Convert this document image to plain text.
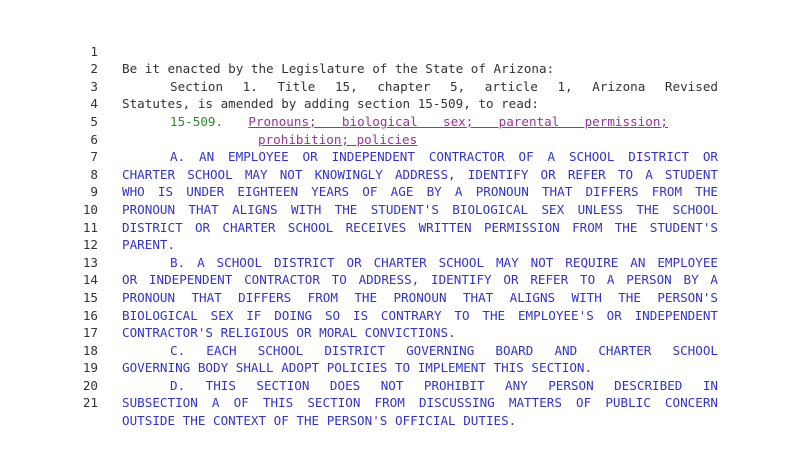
1

Be it enacted by the Legislature of the State of Arizona:

2

Section 1. Title 15, chapter 5, article 1, Arizona Revised

3

Statutes, is amended by adding section 15-509, to read:

4

15-509. Pronouns; biological sex; parental permission;

5

prohibition; policies

6

A. AN EMPLOYEE OR INDEPENDENT CONTRACTOR OF A SCHOOL DISTRICT OR

7

CHARTER SCHOOL MAY NOT KNOWINGLY ADDRESS, IDENTIFY OR REFER TO A STUDENT

8

WHO IS UNDER EIGHTEEN YEARS OF AGE BY A PRONOUN THAT DIFFERS FROM THE

9

PRONOUN THAT ALIGNS WITH THE STUDENT'S BIOLOGICAL SEX UNLESS THE SCHOOL

10

DISTRICT OR CHARTER SCHOOL RECEIVES WRITTEN PERMISSION FROM THE STUDENT'S

11

PARENT.

12

B. A SCHOOL DISTRICT OR CHARTER SCHOOL MAY NOT REQUIRE AN EMPLOYEE

13

OR INDEPENDENT CONTRACTOR TO ADDRESS, IDENTIFY OR REFER TO A PERSON BY A

14

PRONOUN THAT DIFFERS FROM THE PRONOUN THAT ALIGNS WITH THE PERSON'S

15

BIOLOGICAL SEX IF DOING SO IS CONTRARY TO THE EMPLOYEE'S OR INDEPENDENT

16

CONTRACTOR'S RELIGIOUS OR MORAL CONVICTIONS.

17

C. EACH SCHOOL DISTRICT GOVERNING BOARD AND CHARTER SCHOOL

18

GOVERNING BODY SHALL ADOPT POLICIES TO IMPLEMENT THIS SECTION.

19

D. THIS SECTION DOES NOT PROHIBIT ANY PERSON DESCRIBED IN

20

SUBSECTION A OF THIS SECTION FROM DISCUSSING MATTERS OF PUBLIC CONCERN

21

OUTSIDE THE CONTEXT OF THE PERSON'S OFFICIAL DUTIES.
